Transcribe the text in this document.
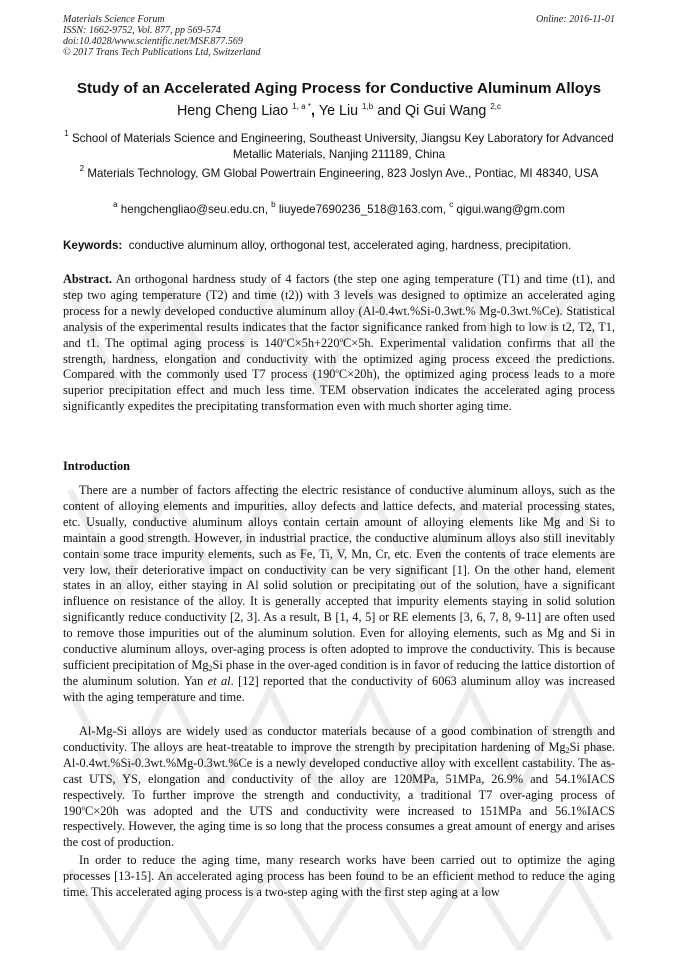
Materials Science Forum
ISSN: 1662-9752, Vol. 877, pp 569-574
doi:10.4028/www.scientific.net/MSF.877.569
© 2017 Trans Tech Publications Ltd, Switzerland
Online: 2016-11-01
Study of an Accelerated Aging Process for Conductive Aluminum Alloys
Heng Cheng Liao $^{1, a *}$, Ye Liu $^{1,b}$ and Qi Gui Wang $^{2,c}$
$^1$ School of Materials Science and Engineering, Southeast University, Jiangsu Key Laboratory for Advanced Metallic Materials, Nanjing 211189, China
$^2$ Materials Technology, GM Global Powertrain Engineering, 823 Joslyn Ave., Pontiac, MI 48340, USA
$^a$ hengchengliao@seu.edu.cn, $^b$ liuyede7690236_518@163.com, $^c$ qigui.wang@gm.com
Keywords: conductive aluminum alloy, orthogonal test, accelerated aging, hardness, precipitation.

Abstract. An orthogonal hardness study of 4 factors (the step one aging temperature (T1) and time (t1), and step two aging temperature (T2) and time (t2)) with 3 levels was designed to optimize an accelerated aging process for a newly developed conductive aluminum alloy (Al-0.4wt.%Si-0.3wt.% Mg-0.3wt.%Ce). Statistical analysis of the experimental results indicates that the factor significance ranked from high to low is t2, T2, T1, and t1. The optimal aging process is $140^oC\times 5h+220^oC\times 5h$. Experimental validation confirms that all the strength, hardness, elongation and conductivity with the optimized aging process exceed the predictions. Compared with the commonly used T7 process $(190^oC\times 20h)$, the optimized aging process leads to a more superior precipitation effect and much less time. TEM observation indicates the accelerated aging process significantly expedites the precipitating transformation even with much shorter aging time.

Introduction

There are a number of factors affecting the electric resistance of conductive aluminum alloys, such as the content of alloying elements and impurities, alloy defects and lattice defects, and material processing states, etc. Usually, conductive aluminum alloys contain certain amount of alloying elements like Mg and Si to maintain a good strength. However, in industrial practice, the conductive aluminum alloys also still inevitably contain some trace impurity elements, such as Fe, Ti, V, Mn, Cr, etc. Even the contents of trace elements are very low, their deteriorative impact on conductivity can be very significant [1]. On the other hand, element states in an alloy, either staying in Al solid solution or precipitating out of the solution, have a significant influence on resistance of the alloy. It is generally accepted that impurity elements staying in solid solution significantly reduce conductivity [2, 3]. As a result, B [1, 4, 5] or RE elements [3, 6, 7, 8, 9-11] are often used to remove those impurities out of the aluminum solution. Even for alloying elements, such as Mg and Si in conductive aluminum alloys, over-aging process is often adopted to improve the conductivity. This is because sufficient precipitation of $Mg_2Si$ phase in the over-aged condition is in favor of reducing the lattice distortion of the aluminum solution. Yan et al. [12] reported that the conductivity of 6063 aluminum alloy was increased with the aging temperature and time.

Al-Mg-Si alloys are widely used as conductor materials because of a good combination of strength and conductivity. The alloys are heat-treatable to improve the strength by precipitation hardening of $Mg_2Si$ phase. Al-0.4wt.%Si-0.3wt.%Mg-0.3wt.%Ce is a newly developed conductive alloy with excellent castability. The as-cast UTS, YS, elongation and conductivity of the alloy are 120MPa, 51MPa, 26.9% and 54.1%IACS respectively. To further improve the strength and conductivity, a traditional T7 over-aging process of $190^oC\times 20h$ was adopted and the UTS and conductivity were increased to 151MPa and 56.1%IACS respectively. However, the aging time is so long that the process consumes a great amount of energy and arises the cost of production.

In order to reduce the aging time, many research works have been carried out to optimize the aging processes [13-15]. An accelerated aging process has been found to be an efficient method to reduce the aging time. This accelerated aging process is a two-step aging with the first step aging at a low
